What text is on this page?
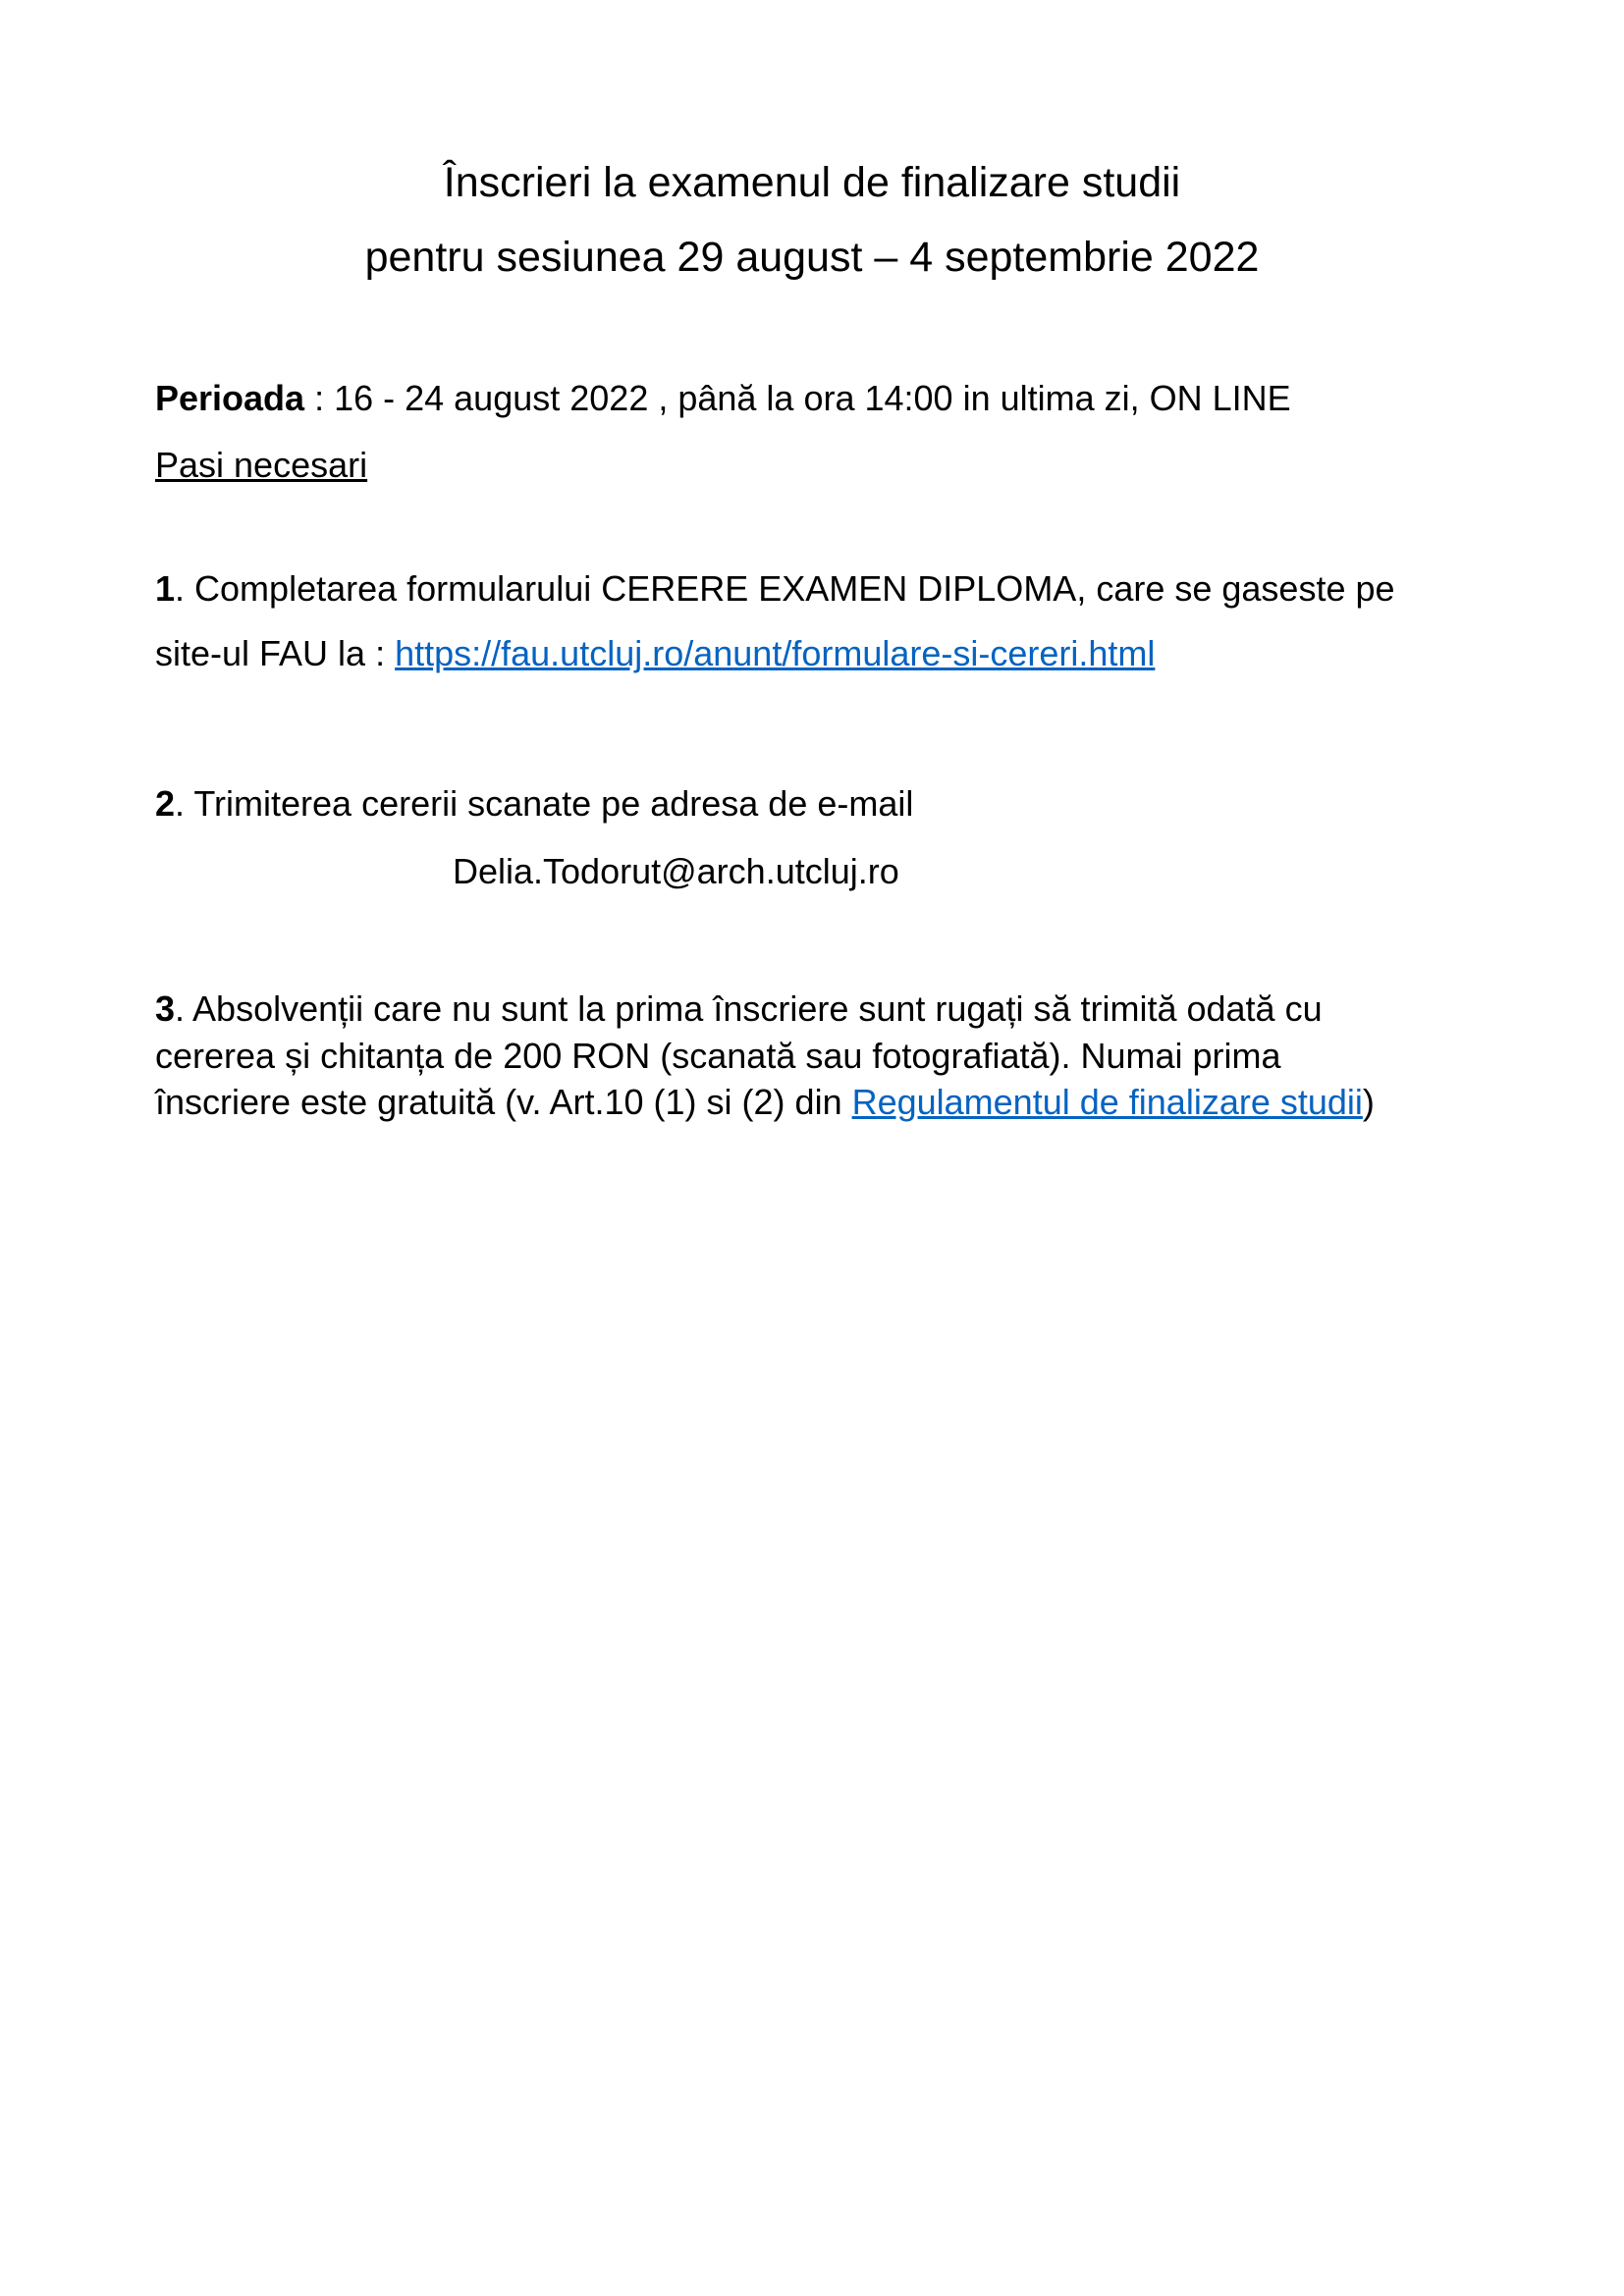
Înscrieri la examenul de finalizare studii
pentru sesiunea 29 august – 4 septembrie 2022
Perioada : 16 - 24 august 2022 , până la ora 14:00 in ultima zi, ON LINE
Pasi necesari
1. Completarea formularului CERERE EXAMEN DIPLOMA, care se gaseste pe
site-ul FAU la : https://fau.utcluj.ro/anunt/formulare-si-cereri.html
2. Trimiterea cererii scanate pe adresa de e-mail
Delia.Todorut@arch.utcluj.ro
3. Absolvenții care nu sunt la prima înscriere sunt rugați să trimită odată cu
cererea și chitanța de 200 RON (scanată sau fotografiată). Numai prima
înscriere este gratuită (v. Art.10 (1) si (2) din Regulamentul de finalizare studii)
